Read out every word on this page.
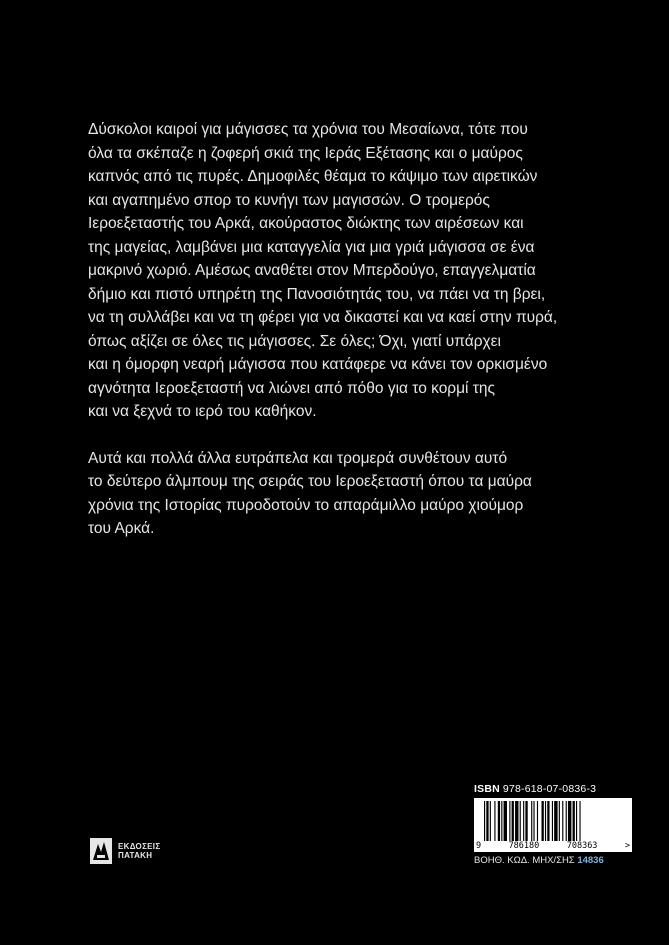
Δύσκολοι καιροί για μάγισσες τα χρόνια του Μεσαίωνα, τότε που
όλα τα σκέπαζε η ζοφερή σκιά της Ιεράς Εξέτασης και ο μαύρος
καπνός από τις πυρές. Δημοφιλές θέαμα το κάψιμο των αιρετικών
και αγαπημένο σπορ το κυνήγι των μαγισσών. Ο τρομερός
Ιεροεξεταστής του Αρκά, ακούραστος διώκτης των αιρέσεων και
της μαγείας, λαμβάνει μια καταγγελία για μια γριά μάγισσα σε ένα
μακρινό χωριό. Αμέσως αναθέτει στον Μπερδούγο, επαγγελματία
δήμιο και πιστό υπηρέτη της Πανοσιότητάς του, να πάει να τη βρει,
να τη συλλάβει και να τη φέρει για να δικαστεί και να καεί στην πυρά,
όπως αξίζει σε όλες τις μάγισσες. Σε όλες; Όχι, γιατί υπάρχει
και η όμορφη νεαρή μάγισσα που κατάφερε να κάνει τον ορκισμένο
αγνότητα Ιεροεξεταστή να λιώνει από πόθο για το κορμί της
και να ξεχνά το ιερό του καθήκον.

Αυτά και πολλά άλλα ευτράπελα και τρομερά συνθέτουν αυτό
το δεύτερο άλμπουμ της σειράς του Ιεροεξεταστή όπου τα μαύρα
χρόνια της Ιστορίας πυροδοτούν το απαράμιλλο μαύρο χιούμορ
του Αρκά.

ΕΚΔΟΣΕΙΣ
ΠΑΤΑΚΗ
ISBN 978-618-07-0836-3
9	786180	708363	>
ΒΟΗΘ. ΚΩΔ. ΜΗΧ/ΣΗΣ 14836
